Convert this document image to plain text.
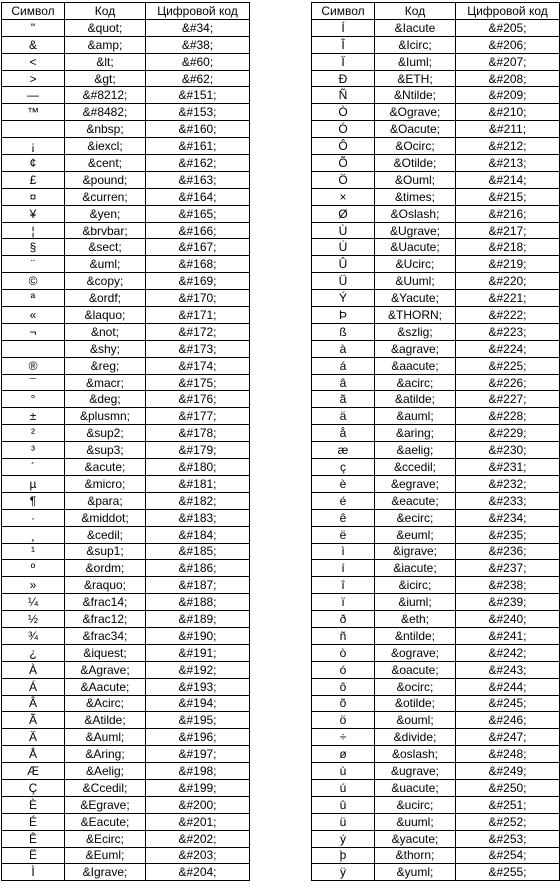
Символ	Код	Цифровой код
"	&quot;	&#34;
&	&amp;	&#38;
<	&lt;	&#60;
>	&gt;	&#62;
—	&#8212;	&#151;
™	&#8482;	&#153;
	&nbsp;	&#160;
¡	&iexcl;	&#161;
¢	&cent;	&#162;
£	&pound;	&#163;
¤	&curren;	&#164;
¥	&yen;	&#165;
¦	&brvbar;	&#166;
§	&sect;	&#167;
¨	&uml;	&#168;
©	&copy;	&#169;
ª	&ordf;	&#170;
«	&laquo;	&#171;
¬	&not;	&#172;
	&shy;	&#173;
®	&reg;	&#174;
¯	&macr;	&#175;
°	&deg;	&#176;
±	&plusmn;	&#177;
²	&sup2;	&#178;
³	&sup3;	&#179;
´	&acute;	&#180;
µ	&micro;	&#181;
¶	&para;	&#182;
·	&middot;	&#183;
¸	&cedil;	&#184;
¹	&sup1;	&#185;
º	&ordm;	&#186;
»	&raquo;	&#187;
¼	&frac14;	&#188;
½	&frac12;	&#189;
¾	&frac34;	&#190;
¿	&iquest;	&#191;
À	&Agrave;	&#192;
Á	&Aacute;	&#193;
Â	&Acirc;	&#194;
Ã	&Atilde;	&#195;
Ä	&Auml;	&#196;
Å	&Aring;	&#197;
Æ	&Aelig;	&#198;
Ç	&Ccedil;	&#199;
È	&Egrave;	&#200;
É	&Eacute;	&#201;
Ê	&Ecirc;	&#202;
Ë	&Euml;	&#203;
Ì	&Igrave;	&#204;
Символ	Код	Цифровой код
Í	&Iacute	&#205;
Î	&Icirc;	&#206;
Ï	&Iuml;	&#207;
Ð	&ETH;	&#208;
Ñ	&Ntilde;	&#209;
Ò	&Ograve;	&#210;
Ó	&Oacute;	&#211;
Ô	&Ocirc;	&#212;
Õ	&Otilde;	&#213;
Ö	&Ouml;	&#214;
×	&times;	&#215;
Ø	&Oslash;	&#216;
Ù	&Ugrave;	&#217;
Ú	&Uacute;	&#218;
Û	&Ucirc;	&#219;
Ü	&Uuml;	&#220;
Ý	&Yacute;	&#221;
Þ	&THORN;	&#222;
ß	&szlig;	&#223;
à	&agrave;	&#224;
á	&aacute;	&#225;
â	&acirc;	&#226;
ã	&atilde;	&#227;
ä	&auml;	&#228;
å	&aring;	&#229;
æ	&aelig;	&#230;
ç	&ccedil;	&#231;
è	&egrave;	&#232;
é	&eacute;	&#233;
ê	&ecirc;	&#234;
ë	&euml;	&#235;
ì	&igrave;	&#236;
í	&iacute;	&#237;
î	&icirc;	&#238;
ï	&iuml;	&#239;
ð	&eth;	&#240;
ñ	&ntilde;	&#241;
ò	&ograve;	&#242;
ó	&oacute;	&#243;
ô	&ocirc;	&#244;
õ	&otilde;	&#245;
ö	&ouml;	&#246;
÷	&divide;	&#247;
ø	&oslash;	&#248;
ù	&ugrave;	&#249;
ú	&uacute;	&#250;
û	&ucirc;	&#251;
ü	&uuml;	&#252;
ý	&yacute;	&#253;
þ	&thorn;	&#254;
ÿ	&yuml;	&#255;
